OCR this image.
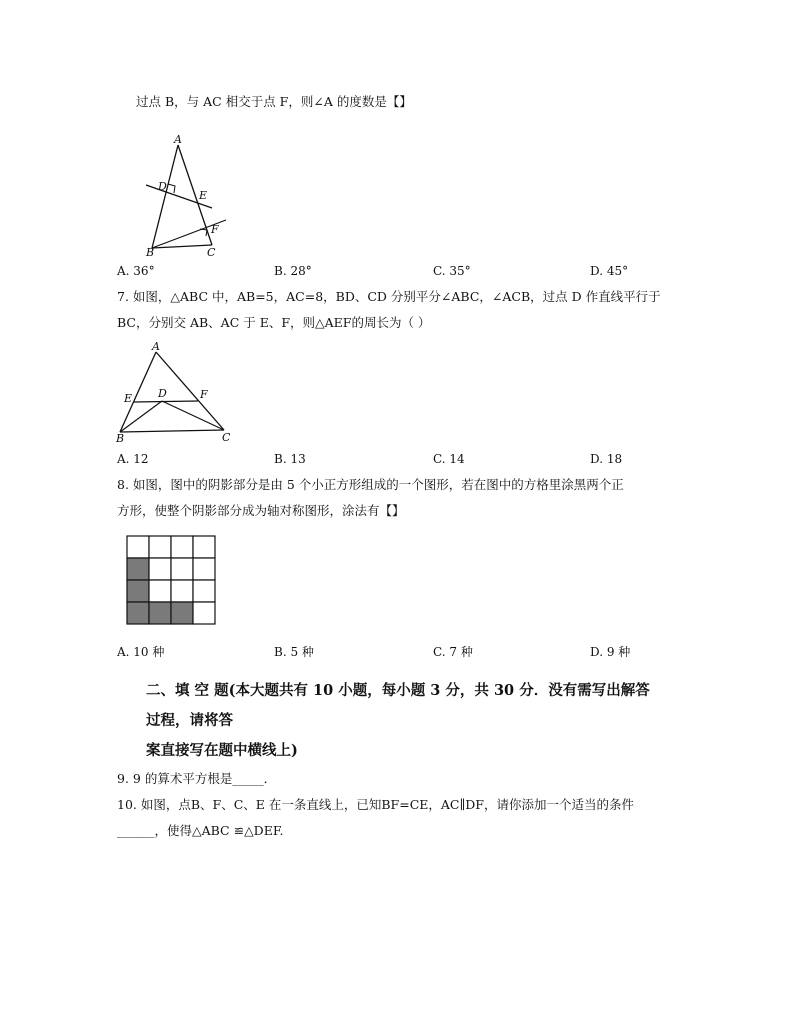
过点 B，与 AC 相交于点 F，则∠A 的度数是【】
A
D
E
F
B	C
A. 36°	B. 28°	C. 35°	D. 45°
7. 如图，△ABC 中，AB=5，AC=8，BD、CD 分别平分∠ABC，∠ACB，过点 D 作直线平行于
BC，分别交 AB、AC 于 E、F，则△AEF的周长为（ ）
A
E D	F
B	C
A. 12	B. 13	C. 14	D. 18
8. 如图，图中的阴影部分是由 5 个小正方形组成的一个图形，若在图中的方格里涂黑两个正
方形，使整个阴影部分成为轴对称图形，涂法有【】
A. 10 种	B. 5 种	C. 7 种	D. 9 种
二、填 空 题(本大题共有 10 小题，每小题 3 分，共 30 分．没有需写出解答
过程，请将答
案直接写在题中横线上)
9. 9 的算术平方根是_____．
10. 如图，点B、F、C、E 在一条直线上，已知BF=CE，AC∥DF，请你添加一个适当的条件
______，使得△ABC ≌△DEF.
